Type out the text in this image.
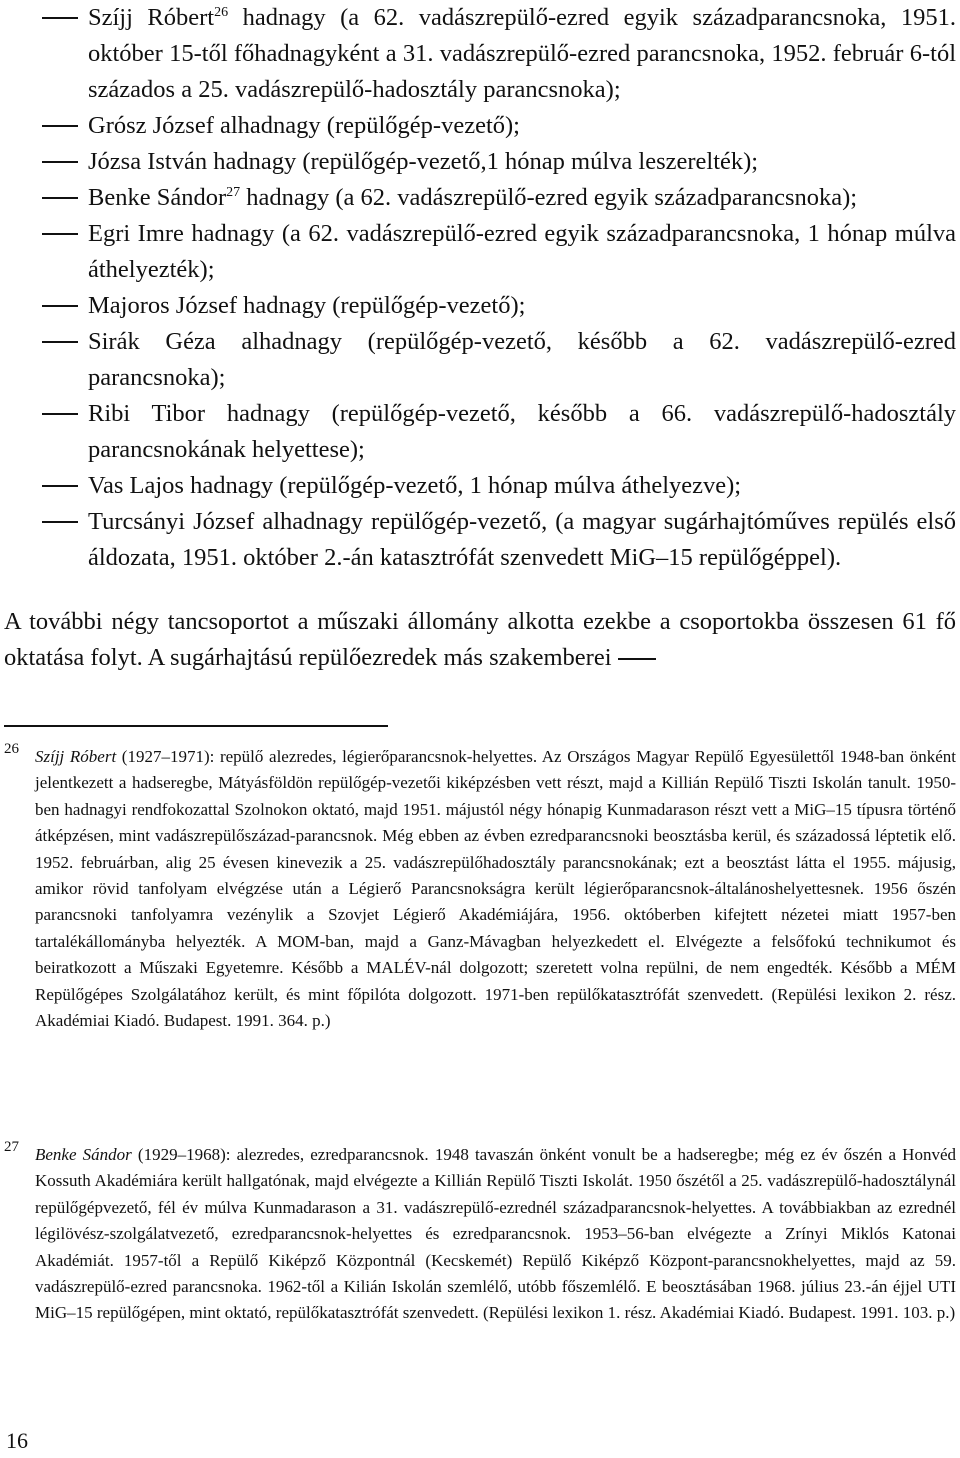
Szíjj Róbert$^{26}$ hadnagy (a 62. vadászrepülő-ezred egyik századparancsnoka, 1951. október 15-től főhadnagyként a 31. vadászrepülő-ezred parancsnoka, 1952. február 6-tól százados a 25. vadászrepülő-hadosztály parancsnoka);
Grósz József alhadnagy (repülőgép-vezető);
Józsa István hadnagy (repülőgép-vezető,1 hónap múlva leszerelték);
Benke Sándor$^{27}$ hadnagy (a 62. vadászrepülő-ezred egyik századparancsnoka);
Egri Imre hadnagy (a 62. vadászrepülő-ezred egyik századparancsnoka, 1 hónap múlva áthelyezték);
Majoros József hadnagy (repülőgép-vezető);
Sirák Géza alhadnagy (repülőgép-vezető, később a 62. vadászrepülő-ezred parancsnoka);
Ribi Tibor hadnagy (repülőgép-vezető, később a 66. vadászrepülő-hadosztály parancsnokának helyettese);
Vas Lajos hadnagy (repülőgép-vezető, 1 hónap múlva áthelyezve);
Turcsányi József alhadnagy repülőgép-vezető, (a magyar sugárhajtóműves repülés első áldozata, 1951. október 2.-án katasztrófát szenvedett MiG–15 repülőgéppel).

A további négy tancsoportot a műszaki állomány alkotta ezekbe a csoportokba összesen 61 fő oktatása folyt. A sugárhajtású repülőezredek más szakemberei

26 Szíjj Róbert (1927–1971): repülő alezredes, légierőparancsnok-helyettes. Az Országos Magyar Repülő Egyesülettől 1948-ban önként jelentkezett a hadseregbe, Mátyásföldön repülőgép-vezetői kiképzésben vett részt, majd a Killián Repülő Tiszti Iskolán tanult. 1950-ben hadnagyi rendfokozattal Szolnokon oktató, majd 1951. májustól négy hónapig Kunmadarason részt vett a MiG–15 típusra történő átképzésen, mint vadászrepülőszázad-parancsnok. Még ebben az évben ezredparancsnoki beosztásba kerül, és századossá léptetik elő. 1952. februárban, alig 25 évesen kinevezik a 25. vadászrepülőhadosztály parancsnokának; ezt a beosztást látta el 1955. májusig, amikor rövid tanfolyam elvégzése után a Légierő Parancsnokságra került légierőparancsnok-általánoshelyettesnek. 1956 őszén parancsnoki tanfolyamra vezénylik a Szovjet Légierő Akadémiájára, 1956. októberben kifejtett nézetei miatt 1957-ben tartalékállományba helyezték. A MOM-ban, majd a Ganz-Mávagban helyezkedett el. Elvégezte a felsőfokú technikumot és beiratkozott a Műszaki Egyetemre. Később a MALÉV-nál dolgozott; szeretett volna repülni, de nem engedték. Később a MÉM Repülőgépes Szolgálatához került, és mint főpilóta dolgozott. 1971-ben repülőkatasztrófát szenvedett. (Repülési lexikon 2. rész. Akadémiai Kiadó. Budapest. 1991. 364. p.)
27 Benke Sándor (1929–1968): alezredes, ezredparancsnok. 1948 tavaszán önként vonult be a hadseregbe; még ez év őszén a Honvéd Kossuth Akadémiára került hallgatónak, majd elvégezte a Killián Repülő Tiszti Iskolát. 1950 őszétől a 25. vadászrepülő-hadosztálynál repülőgépvezető, fél év múlva Kunmadarason a 31. vadászrepülő-ezrednél századparancsnok-helyettes. A továbbiakban az ezrednél légilövész-szolgálatvezető, ezredparancsnok-helyettes és ezredparancsnok. 1953–56-ban elvégezte a Zrínyi Miklós Katonai Akadémiát. 1957-től a Repülő Kiképző Központnál (Kecskemét) Repülő Kiképző Központ-parancsnokhelyettes, majd az 59. vadászrepülő-ezred parancsnoka. 1962-től a Kilián Iskolán szemlélő, utóbb főszemlélő. E beosztásában 1968. július 23.-án éjjel UTI MiG–15 repülőgépen, mint oktató, repülőkatasztrófát szenvedett. (Repülési lexikon 1. rész. Akadémiai Kiadó. Budapest. 1991. 103. p.)
16
